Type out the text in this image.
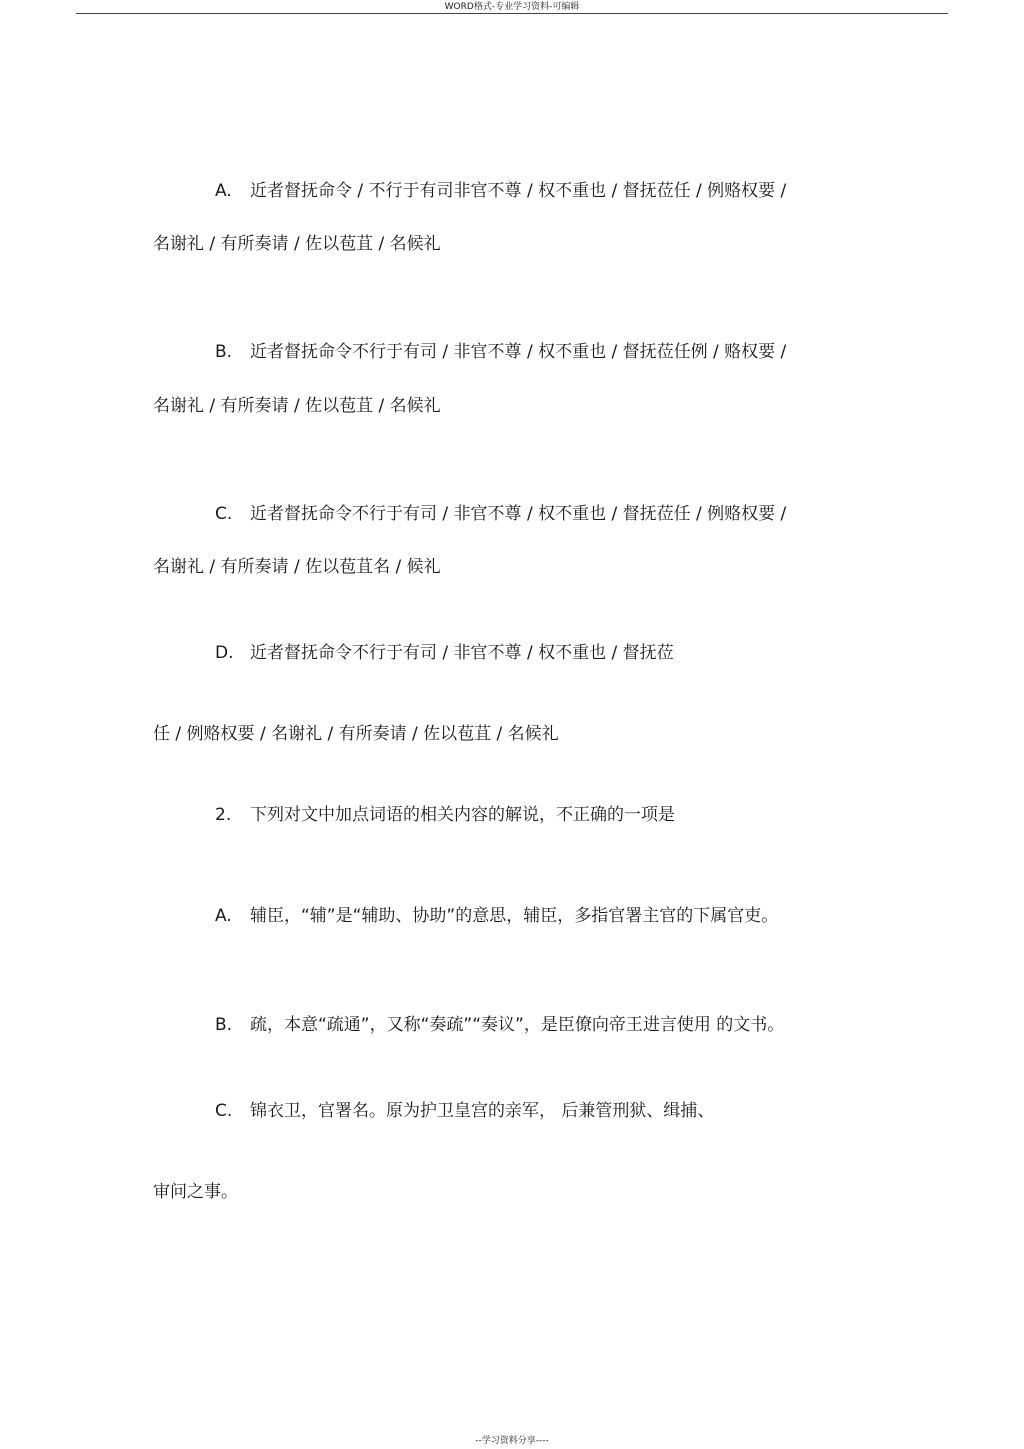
WORD格式-专业学习资料-可编辑
A. 近者督抚命令 / 不行于有司非官不尊 / 权不重也 / 督抚莅任 / 例赂权要 /
名谢礼 / 有所奏请 / 佐以苞苴 / 名候礼
B. 近者督抚命令不行于有司 / 非官不尊 / 权不重也 / 督抚莅任例 / 赂权要 /
名谢礼 / 有所奏请 / 佐以苞苴 / 名候礼
C. 近者督抚命令不行于有司 / 非官不尊 / 权不重也 / 督抚莅任 / 例赂权要 /
名谢礼 / 有所奏请 / 佐以苞苴名 / 候礼
D. 近者督抚命令不行于有司 / 非官不尊 / 权不重也 / 督抚莅
任 / 例赂权要 / 名谢礼 / 有所奏请 / 佐以苞苴 / 名候礼
2. 下列对文中加点词语的相关内容的解说，不正确的一项是
A. 辅臣，“辅”是“辅助、协助”的意思，辅臣，多指官署主官的下属官吏。
B. 疏，本意“疏通”，又称“奏疏”“奏议”，是臣僚向帝王进言使用 的文书。
C. 锦衣卫，官署名。原为护卫皇宫的亲军， 后兼管刑狱、缉捕、
审问之事。
--学习资料分享----
